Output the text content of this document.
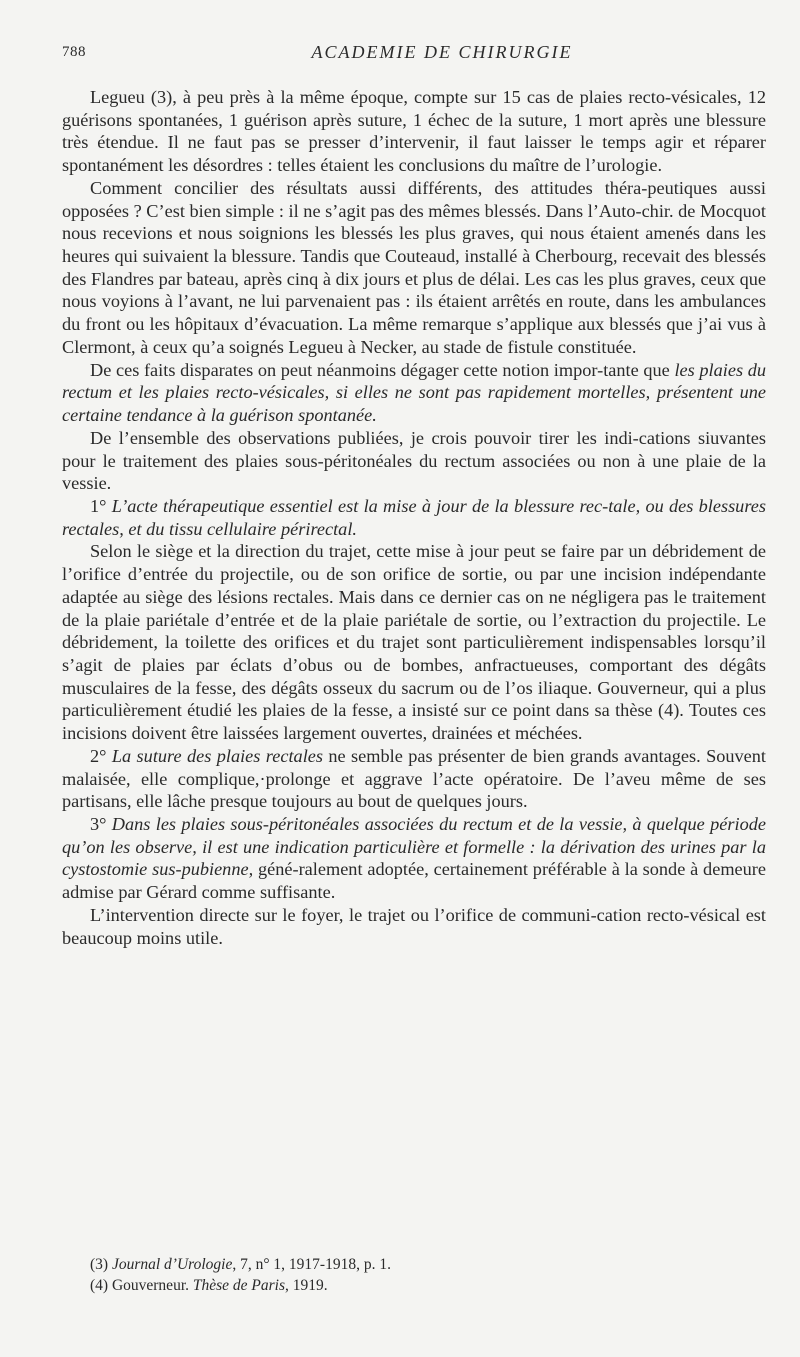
788	ACADEMIE DE CHIRURGIE

Legueu (3), à peu près à la même époque, compte sur 15 cas de plaies recto-vésicales, 12 guérisons spontanées, 1 guérison après suture, 1 échec de la suture, 1 mort après une blessure très étendue. Il ne faut pas se presser d’intervenir, il faut laisser le temps agir et réparer spontanément les désordres : telles étaient les conclusions du maître de l’urologie.

Comment concilier des résultats aussi différents, des attitudes théra-peutiques aussi opposées ? C’est bien simple : il ne s’agit pas des mêmes blessés. Dans l’Auto-chir. de Mocquot nous recevions et nous soignions les blessés les plus graves, qui nous étaient amenés dans les heures qui suivaient la blessure. Tandis que Couteaud, installé à Cherbourg, recevait des blessés des Flandres par bateau, après cinq à dix jours et plus de délai. Les cas les plus graves, ceux que nous voyions à l’avant, ne lui parvenaient pas : ils étaient arrêtés en route, dans les ambulances du front ou les hôpitaux d’évacuation. La même remarque s’applique aux blessés que j’ai vus à Clermont, à ceux qu’a soignés Legueu à Necker, au stade de fistule constituée.

De ces faits disparates on peut néanmoins dégager cette notion impor-tante que les plaies du rectum et les plaies recto-vésicales, si elles ne sont pas rapidement mortelles, présentent une certaine tendance à la guérison spontanée.

De l’ensemble des observations publiées, je crois pouvoir tirer les indi-cations siuvantes pour le traitement des plaies sous-péritonéales du rectum associées ou non à une plaie de la vessie.

1° L’acte thérapeutique essentiel est la mise à jour de la blessure rec-tale, ou des blessures rectales, et du tissu cellulaire périrectal.

Selon le siège et la direction du trajet, cette mise à jour peut se faire par un débridement de l’orifice d’entrée du projectile, ou de son orifice de sortie, ou par une incision indépendante adaptée au siège des lésions rectales. Mais dans ce dernier cas on ne négligera pas le traitement de la plaie pariétale d’entrée et de la plaie pariétale de sortie, ou l’extraction du projectile. Le débridement, la toilette des orifices et du trajet sont particulièrement indispensables lorsqu’il s’agit de plaies par éclats d’obus ou de bombes, anfractueuses, comportant des dégâts musculaires de la fesse, des dégâts osseux du sacrum ou de l’os iliaque. Gouverneur, qui a plus particulièrement étudié les plaies de la fesse, a insisté sur ce point dans sa thèse (4). Toutes ces incisions doivent être laissées largement ouvertes, drainées et méchées.

2° La suture des plaies rectales ne semble pas présenter de bien grands avantages. Souvent malaisée, elle complique,·prolonge et aggrave l’acte opératoire. De l’aveu même de ses partisans, elle lâche presque toujours au bout de quelques jours.

3° Dans les plaies sous-péritonéales associées du rectum et de la vessie, à quelque période qu’on les observe, il est une indication particulière et formelle : la dérivation des urines par la cystostomie sus-pubienne, géné-ralement adoptée, certainement préférable à la sonde à demeure admise par Gérard comme suffisante.

L’intervention directe sur le foyer, le trajet ou l’orifice de communi-cation recto-vésical est beaucoup moins utile.

(3) Journal d’Urologie, 7, n° 1, 1917-1918, p. 1.

(4) Gouverneur. Thèse de Paris, 1919.
